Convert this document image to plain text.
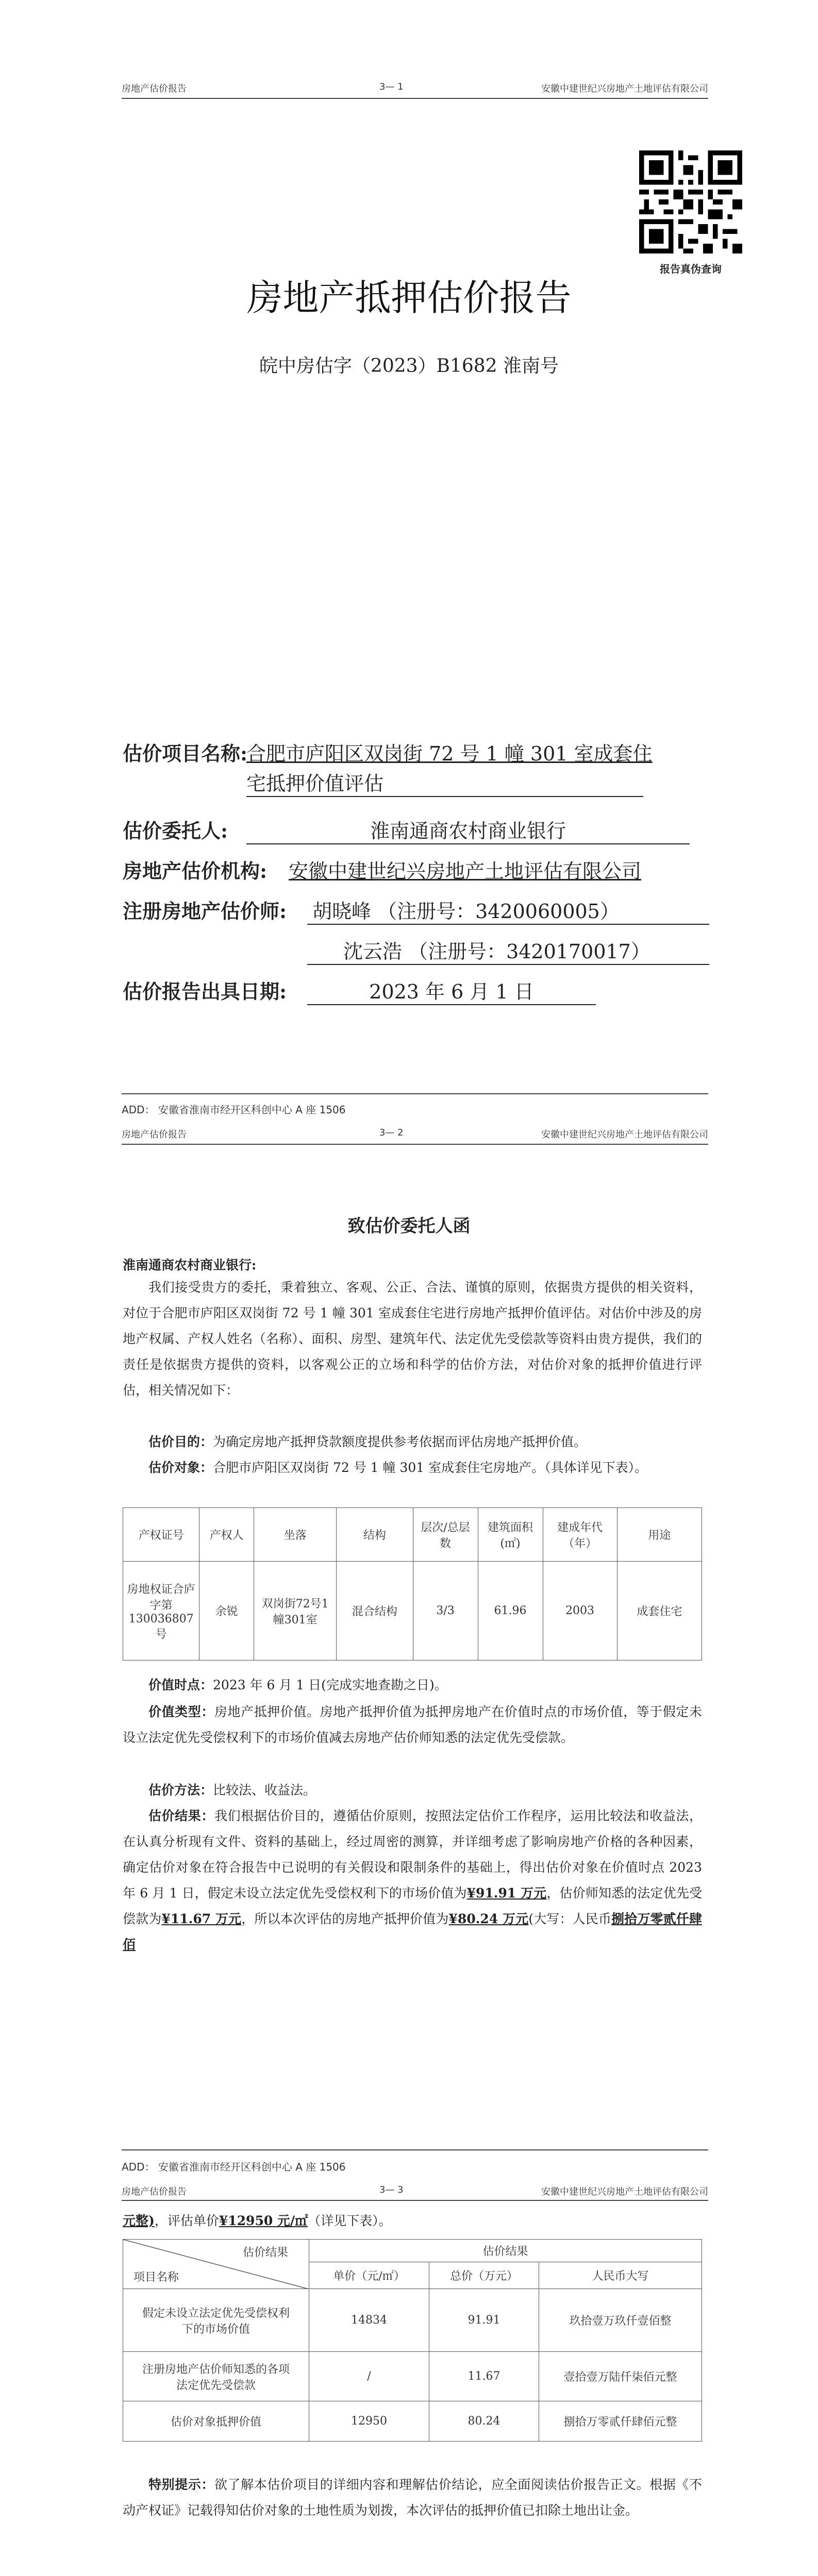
房地产估价报告	3— 1	安徽中建世纪兴房地产土地评估有限公司
报告真伪查询
房地产抵押估价报告
皖中房估字（2023）B1682 淮南号
估价项目名称:
合肥市庐阳区双岗街 72 号 1 幢 301 室成套住
宅抵押价值评估
估价委托人:	淮南通商农村商业银行
房地产估价机构: 安徽中建世纪兴房地产土地评估有限公司
注册房地产估价师: 胡晓峰 （注册号：3420060005）
沈云浩 （注册号：3420170017）
估价报告出具日期:	2023 年 6 月 1 日
ADD： 安徽省淮南市经开区科创中心 A 座 1506
房地产估价报告	3— 2	安徽中建世纪兴房地产土地评估有限公司
致估价委托人函
淮南通商农村商业银行:
我们接受贵方的委托，秉着独立、客观、公正、合法、谨慎的原则，依据贵方提供的相关资料，对位于合肥市庐阳区双岗街 72 号 1 幢 301 室成套住宅进行房地产抵押价值评估。对估价中涉及的房地产权属、产权人姓名（名称）、面积、房型、建筑年代、法定优先受偿款等资料由贵方提供，我们的责任是依据贵方提供的资料，以客观公正的立场和科学的估价方法，对估价对象的抵押价值进行评估，相关情况如下：
估价目的：为确定房地产抵押贷款额度提供参考依据而评估房地产抵押价值。
估价对象：合肥市庐阳区双岗街 72 号 1 幢 301 室成套住宅房地产。（具体详见下表）。
产权证号	产权人	坐落	结构	层次/总层数	建筑面积(㎡)	建成年代（年）	用途
房地权证合庐字第130036807号	余锐	双岗街72号1幢301室	混合结构	3/3	61.96	2003	成套住宅
价值时点：2023 年 6 月 1 日(完成实地查勘之日)。
价值类型：房地产抵押价值。房地产抵押价值为抵押房地产在价值时点的市场价值，等于假定未设立法定优先受偿权利下的市场价值减去房地产估价师知悉的法定优先受偿款。
估价方法：比较法、收益法。
估价结果：我们根据估价目的，遵循估价原则，按照法定估价工作程序，运用比较法和收益法，在认真分析现有文件、资料的基础上，经过周密的测算，并详细考虑了影响房地产价格的各种因素，确定估价对象在符合报告中已说明的有关假设和限制条件的基础上，得出估价对象在价值时点 2023 年 6 月 1 日，假定未设立法定优先受偿权利下的市场价值为¥91.91 万元，估价师知悉的法定优先受偿款为¥11.67 万元，所以本次评估的房地产抵押价值为¥80.24 万元(大写：人民币捌拾万零贰仟肆佰
ADD： 安徽省淮南市经开区科创中心 A 座 1506
房地产估价报告	3— 3	安徽中建世纪兴房地产土地评估有限公司
元整)，评估单价¥12950 元/㎡（详见下表）。
估价结果
项目名称	估价结果		
	单价（元/㎡）	总价（万元）	人民币大写
假定未设立法定优先受偿权利下的市场价值	14834	91.91	玖拾壹万玖仟壹佰整
注册房地产估价师知悉的各项法定优先受偿款	/	11.67	壹拾壹万陆仟柒佰元整
估价对象抵押价值	12950	80.24	捌拾万零贰仟肆佰元整
特别提示：欲了解本估价项目的详细内容和理解估价结论，应全面阅读估价报告正文。根据《不动产权证》记载得知估价对象的土地性质为划拨，本次评估的抵押价值已扣除土地出让金。
